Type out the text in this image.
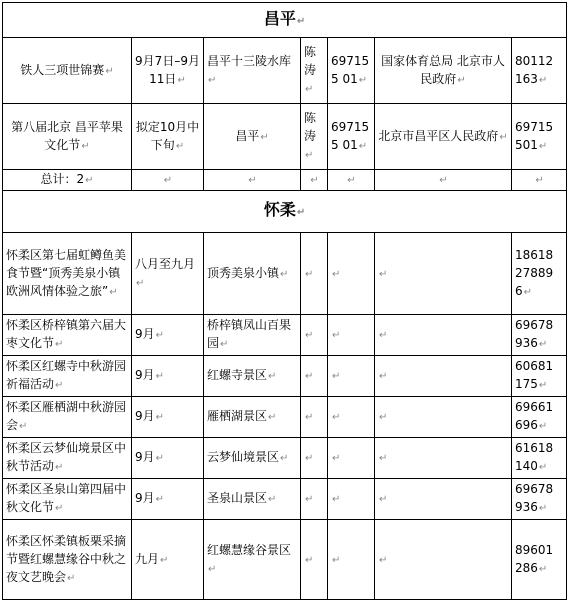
昌平↵						
铁人三项世锦赛↵	9月7日–9月11日↵	昌平十三陵水库↵	陈涛↵	697155 01↵	国家体育总局 北京市人民政府↵	80112 163↵
第八届北京 昌平苹果文化节↵	拟定10月中下旬↵	昌平↵	陈涛↵	697155 01↵	北京市昌平区人民政府↵	69715 501↵
总计：2↵	↵	↵	↵	↵	↵	↵
怀柔↵						
怀柔区第七届虹鳟鱼美食节暨“顶秀美泉小镇欧洲风情体验之旅”↵	八月至九月↵	顶秀美泉小镇↵	↵	↵	↵	18618 27889 6↵
怀柔区桥梓镇第六届大枣文化节↵	9月↵	桥梓镇凤山百果园↵	↵	↵	↵	69678 936↵
怀柔区红螺寺中秋游园祈福活动↵	9月↵	红螺寺景区↵	↵	↵	↵	60681 175↵
怀柔区雁栖湖中秋游园会↵	9月↵	雁栖湖景区↵	↵	↵	↵	69661 696↵
怀柔区云梦仙境景区中秋节活动↵	9月↵	云梦仙境景区↵	↵	↵	↵	61618 140↵
怀柔区圣泉山第四届中秋文化节↵	9月↵	圣泉山景区↵	↵	↵	↵	69678 936↵
怀柔区怀柔镇板栗采摘节暨红螺慧缘谷中秋之夜文艺晚会↵	九月↵	红螺慧缘谷景区↵	↵	↵	↵	89601 286↵
